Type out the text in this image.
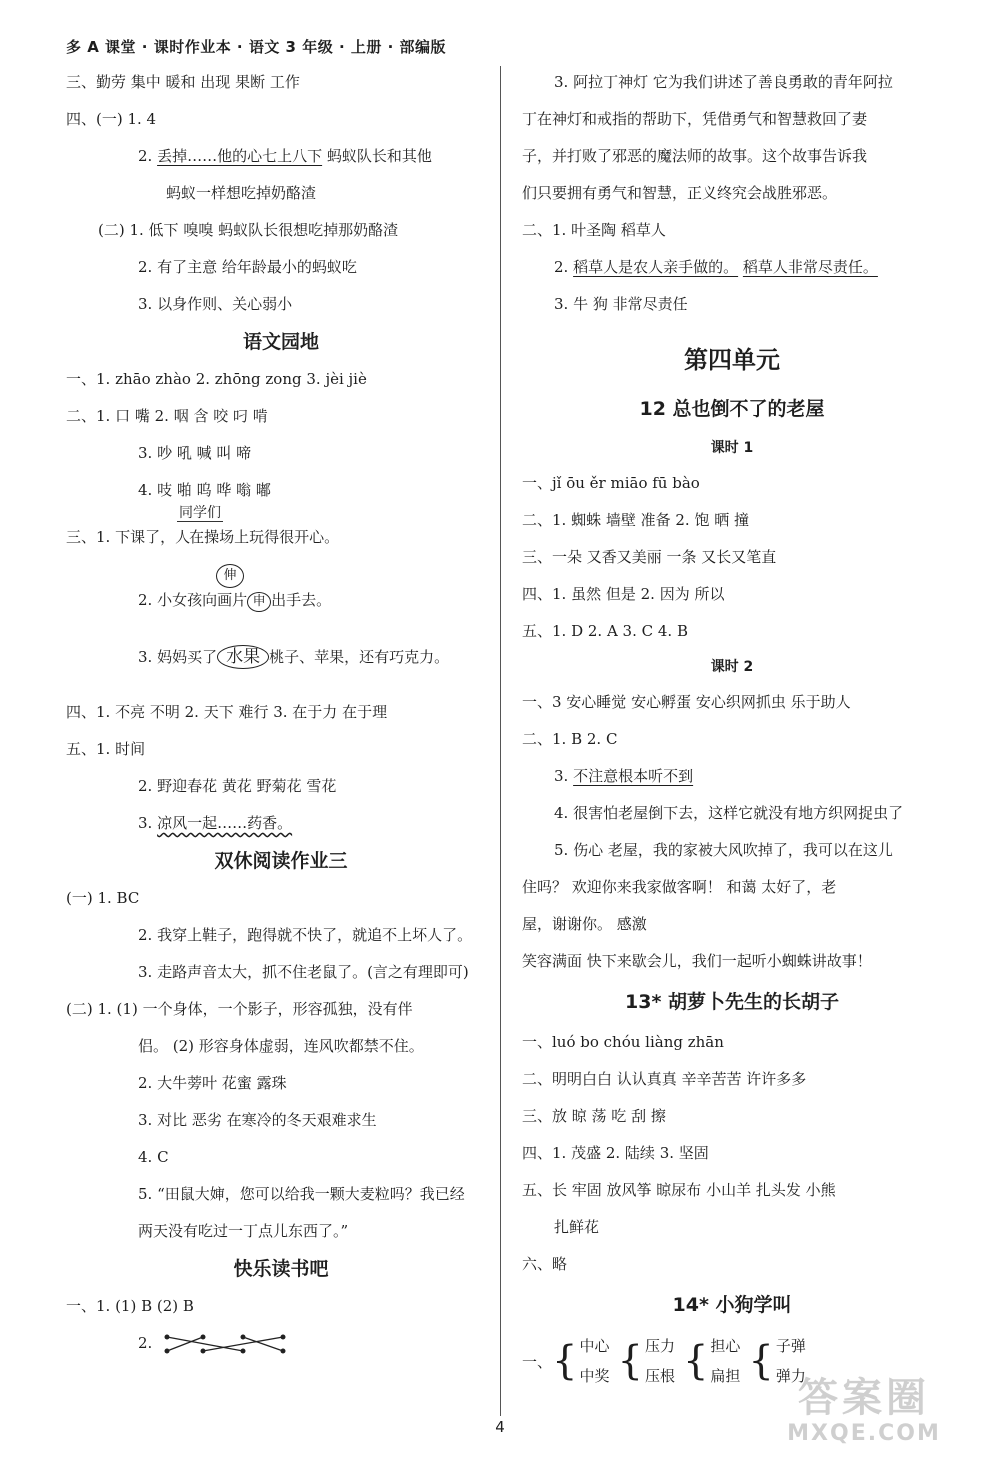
多 A 课堂 · 课时作业本 · 语文 3 年级 · 上册 · 部编版
三、勤劳 集中 暖和 出现 果断 工作
四、(一) 1. 4
2. 丢掉……他的心七上八下 蚂蚁队长和其他
蚂蚁一样想吃掉奶酪渣
(二) 1. 低下 嗅嗅 蚂蚁队长很想吃掉那奶酪渣
2. 有了主意 给年龄最小的蚂蚁吃
3. 以身作则、关心弱小
语文园地
一、1. zhāo zhào 2. zhōng zong 3. jèi jiè
二、1. 口 嘴 2. 咽 含 咬 叼 啃
3. 吵 吼 喊 叫 啼
4. 吱 啪 呜 哗 嗡 嘟
同学们
三、1. 下课了，人在操场上玩得很开心。
伸
2. 小女孩向画片 申 出手去。
3. 妈妈买了 水果 桃子、苹果，还有巧克力。
四、1. 不亮 不明 2. 天下 难行 3. 在于力 在于理
五、1. 时间
2. 野迎春花 黄花 野菊花 雪花
3. 凉风一起……药香。
双休阅读作业三
(一) 1. BC
2. 我穿上鞋子，跑得就不快了，就追不上坏人了。
3. 走路声音太大，抓不住老鼠了。(言之有理即可)
(二) 1. (1) 一个身体，一个影子，形容孤独，没有伴
侣。 (2) 形容身体虚弱，连风吹都禁不住。
2. 大牛蒡叶 花蜜 露珠
3. 对比 恶劣 在寒冷的冬天艰难求生
4. C
5. “田鼠大婶，您可以给我一颗大麦粒吗？我已经
两天没有吃过一丁点儿东西了。”
快乐读书吧
一、1. (1) B (2) B
2.
3. 阿拉丁神灯 它为我们讲述了善良勇敢的青年阿拉
丁在神灯和戒指的帮助下，凭借勇气和智慧救回了妻
子，并打败了邪恶的魔法师的故事。这个故事告诉我
们只要拥有勇气和智慧，正义终究会战胜邪恶。
二、1. 叶圣陶 稻草人
2. 稻草人是农人亲手做的。 稻草人非常尽责任。
3. 牛 狗 非常尽责任
第四单元
12 总也倒不了的老屋
课时 1
一、jǐ ōu ěr miāo fū bào
二、1. 蜘蛛 墙壁 准备 2. 饱 晒 撞
三、一朵 又香又美丽 一条 又长又笔直
四、1. 虽然 但是 2. 因为 所以
五、1. D 2. A 3. C 4. B
课时 2
一、3 安心睡觉 安心孵蛋 安心织网抓虫 乐于助人
二、1. B 2. C
3. 不注意根本听不到
4. 很害怕老屋倒下去，这样它就没有地方织网捉虫了
5. 伤心 老屋，我的家被大风吹掉了，我可以在这儿
住吗？ 欢迎你来我家做客啊！ 和蔼 太好了，老
屋，谢谢你。 感激
笑容满面 快下来歇会儿，我们一起听小蜘蛛讲故事！
13* 胡萝卜先生的长胡子
一、luó bo chóu liàng zhān
二、明明白白 认认真真 辛辛苦苦 许许多多
三、放 晾 荡 吃 刮 擦
四、1. 茂盛 2. 陆续 3. 坚固
五、长 牢固 放风筝 晾尿布 小山羊 扎头发 小熊
扎鲜花
六、略
14* 小狗学叫
一、 { 中心
中奖 { 压力
压根 { 担心
扁担 { 子弹
弹力
4
答案圈
MXQE.COM
